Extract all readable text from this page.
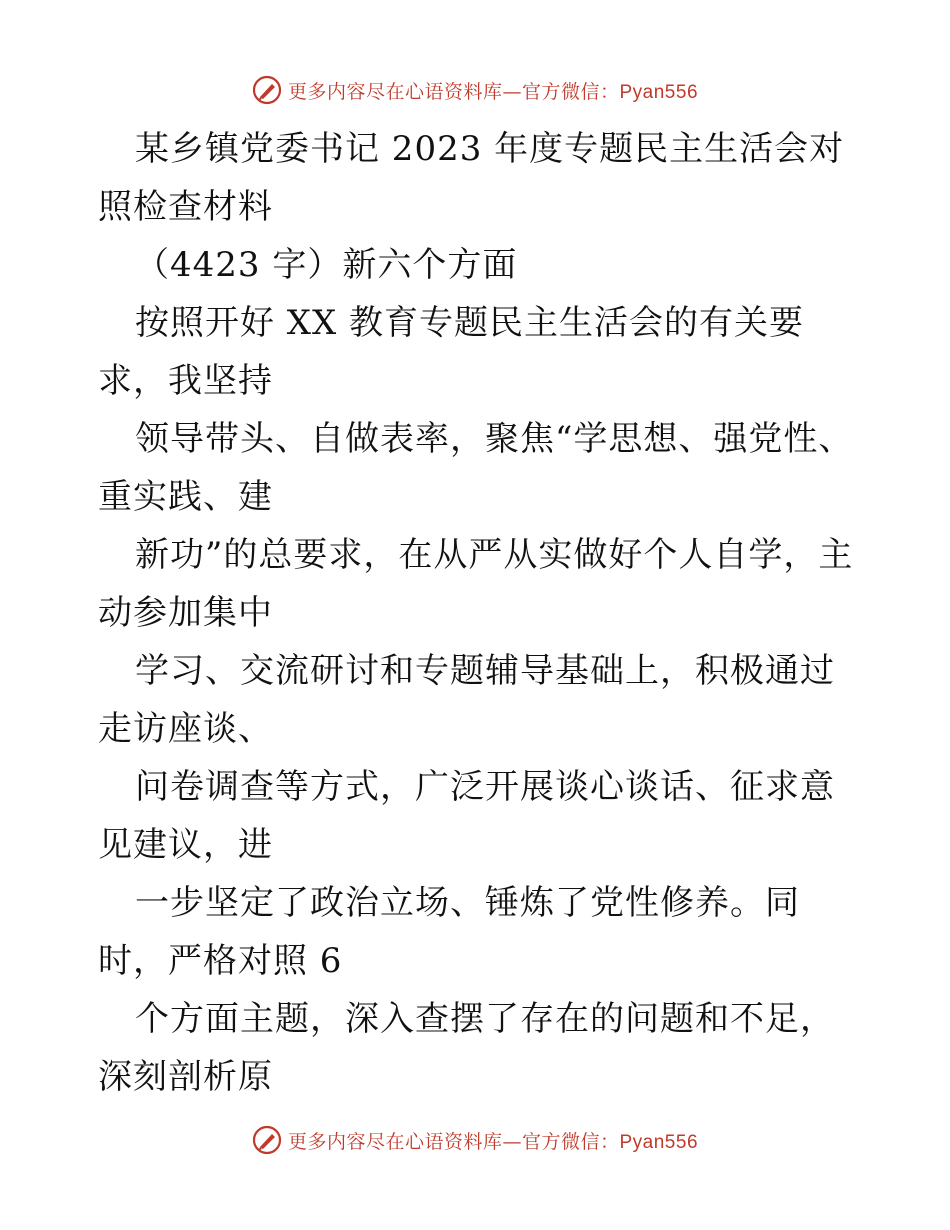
更多内容尽在心语资料库—官方微信：Pyan556

某乡镇党委书记 2023 年度专题民主生活会对照检查材料

（4423 字）新六个方面

按照开好 XX 教育专题民主生活会的有关要求，我坚持

领导带头、自做表率，聚焦“学思想、强党性、重实践、建

新功”的总要求，在从严从实做好个人自学，主动参加集中

学习、交流研讨和专题辅导基础上，积极通过走访座谈、

问卷调查等方式，广泛开展谈心谈话、征求意见建议，进

一步坚定了政治立场、锤炼了党性修养。同时，严格对照 6

个方面主题，深入查摆了存在的问题和不足，深刻剖析原

更多内容尽在心语资料库—官方微信：Pyan556
